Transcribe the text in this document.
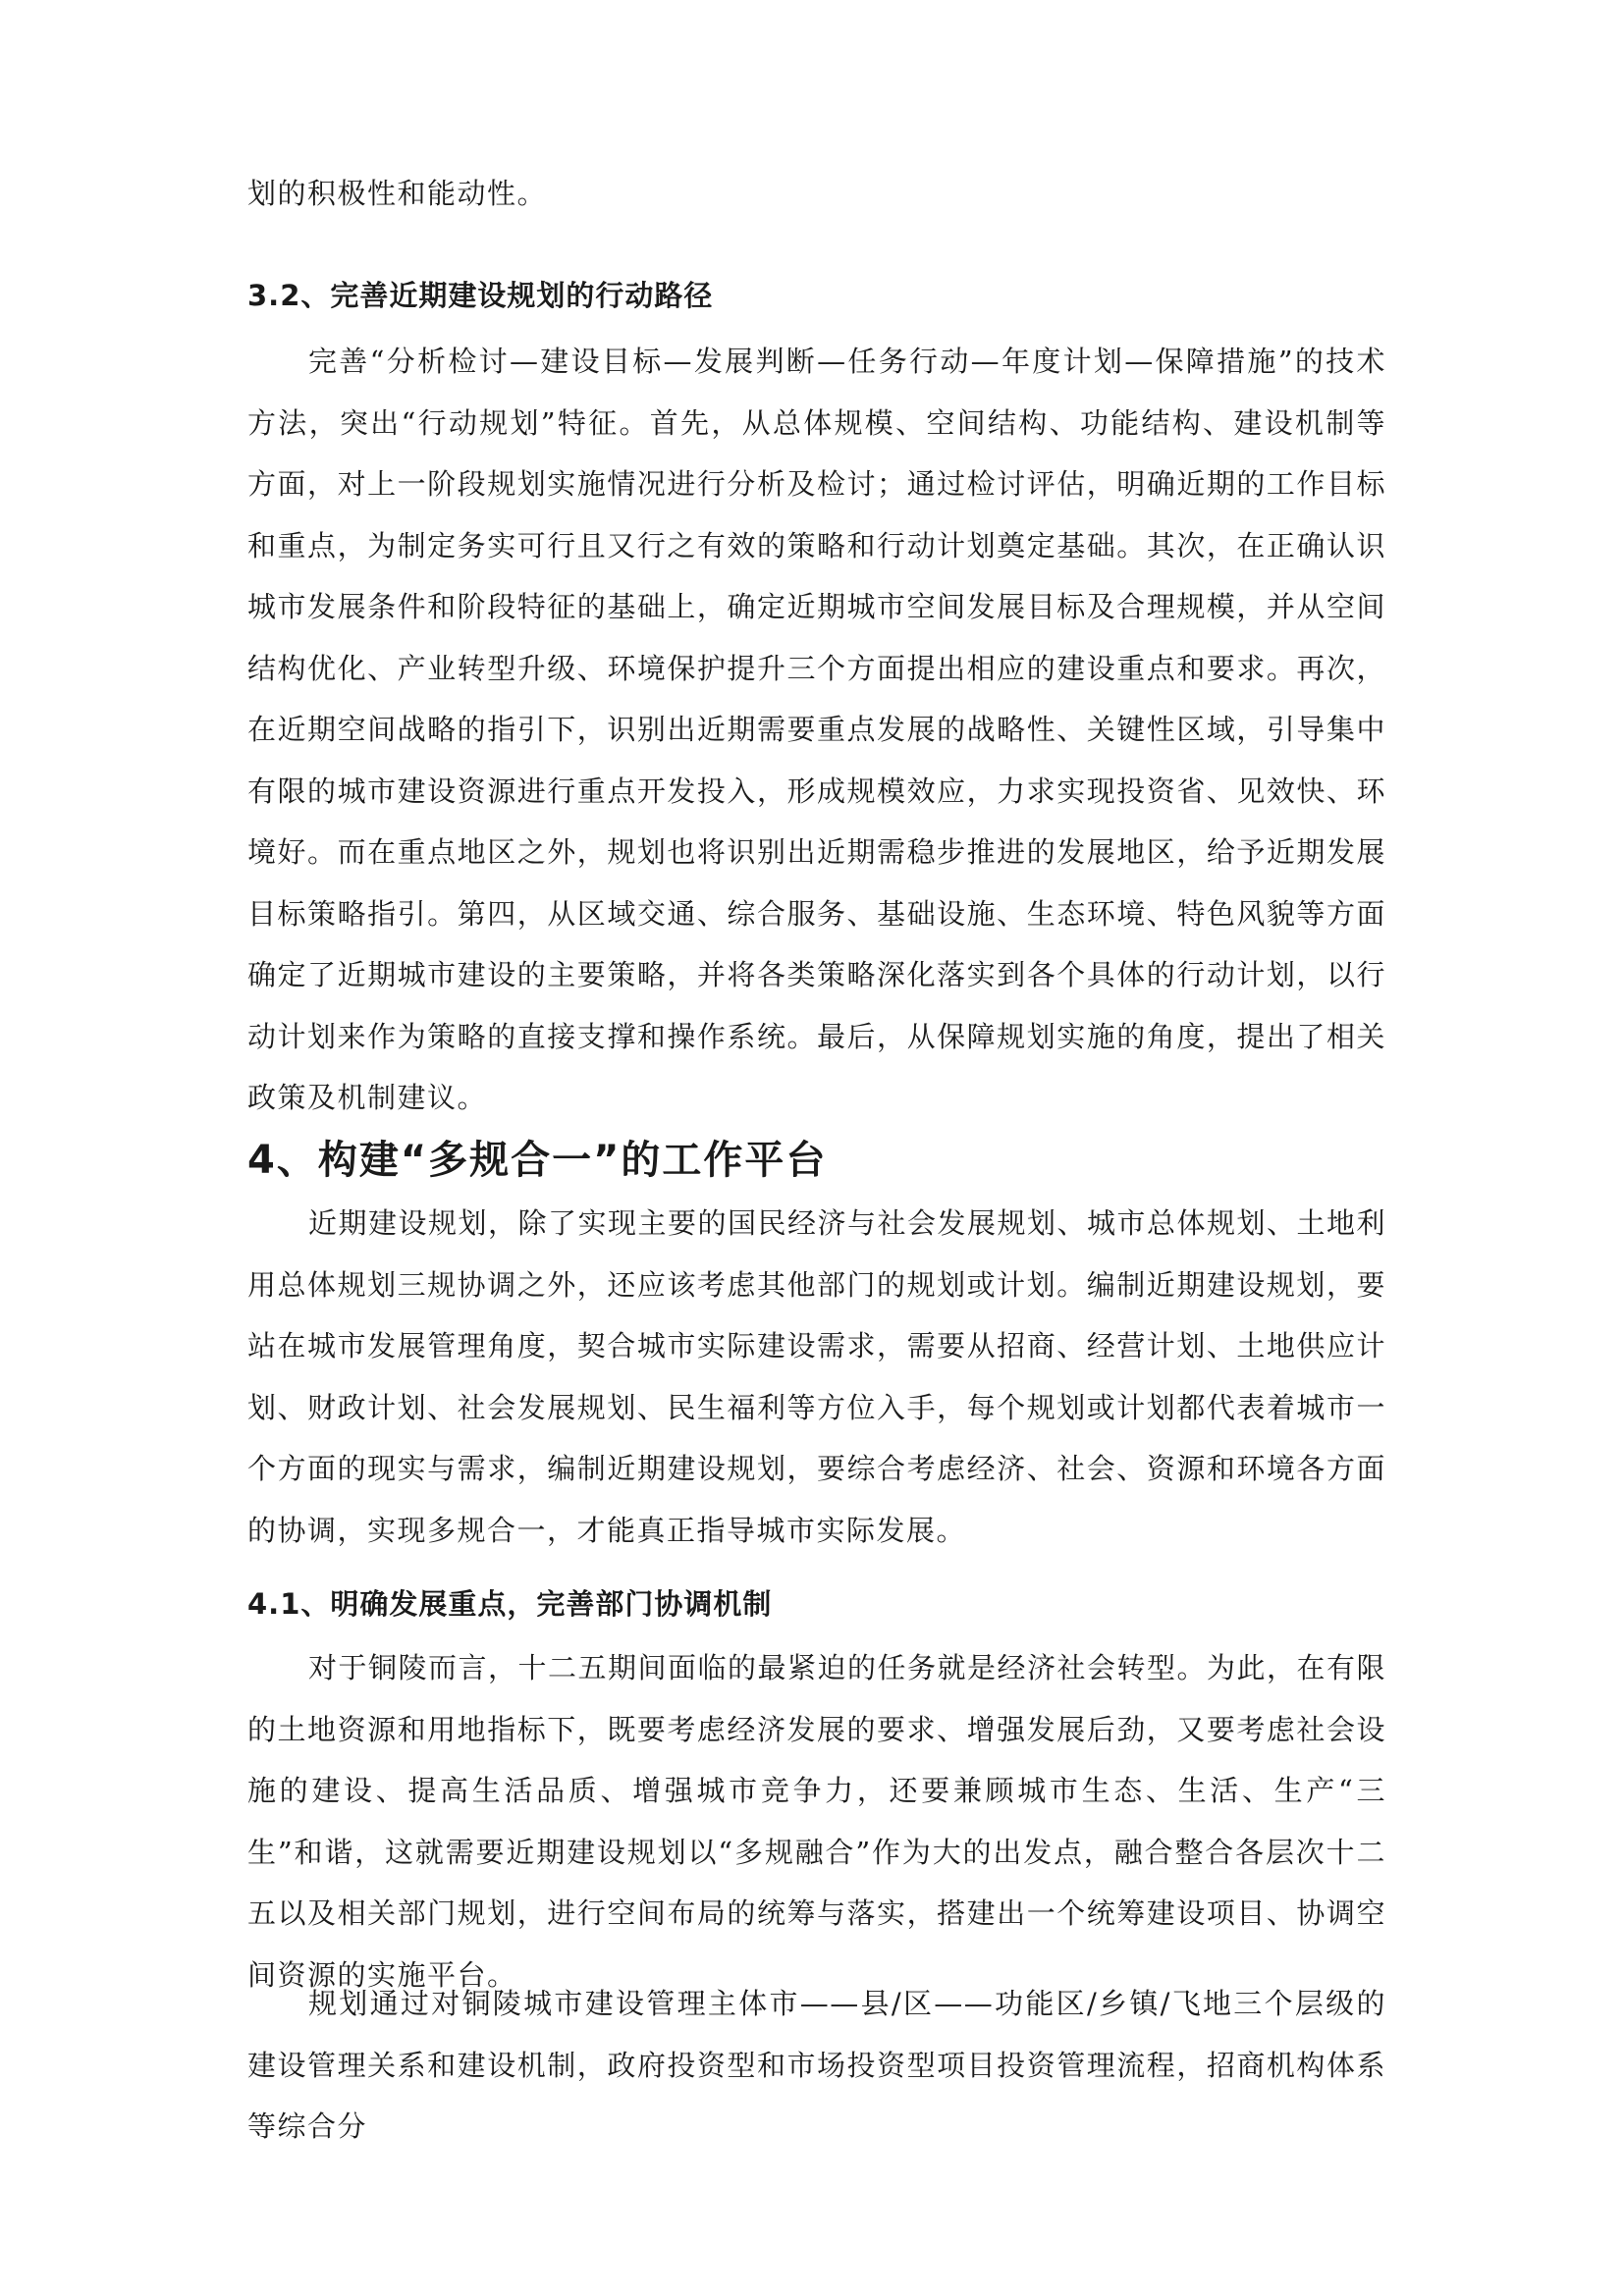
划的积极性和能动性。

3.2、完善近期建设规划的行动路径

完善“分析检讨—建设目标—发展判断—任务行动—年度计划—保障措施”的技术方法，突出“行动规划”特征。首先，从总体规模、空间结构、功能结构、建设机制等方面，对上一阶段规划实施情况进行分析及检讨；通过检讨评估，明确近期的工作目标和重点，为制定务实可行且又行之有效的策略和行动计划奠定基础。其次，在正确认识城市发展条件和阶段特征的基础上，确定近期城市空间发展目标及合理规模，并从空间结构优化、产业转型升级、环境保护提升三个方面提出相应的建设重点和要求。再次，在近期空间战略的指引下，识别出近期需要重点发展的战略性、关键性区域，引导集中有限的城市建设资源进行重点开发投入，形成规模效应，力求实现投资省、见效快、环境好。而在重点地区之外，规划也将识别出近期需稳步推进的发展地区，给予近期发展目标策略指引。第四，从区域交通、综合服务、基础设施、生态环境、特色风貌等方面确定了近期城市建设的主要策略，并将各类策略深化落实到各个具体的行动计划，以行动计划来作为策略的直接支撑和操作系统。最后，从保障规划实施的角度，提出了相关政策及机制建议。

4、构建“多规合一”的工作平台

近期建设规划，除了实现主要的国民经济与社会发展规划、城市总体规划、土地利用总体规划三规协调之外，还应该考虑其他部门的规划或计划。编制近期建设规划，要站在城市发展管理角度，契合城市实际建设需求，需要从招商、经营计划、土地供应计划、财政计划、社会发展规划、民生福利等方位入手，每个规划或计划都代表着城市一个方面的现实与需求，编制近期建设规划，要综合考虑经济、社会、资源和环境各方面的协调，实现多规合一，才能真正指导城市实际发展。

4.1、明确发展重点，完善部门协调机制

对于铜陵而言，十二五期间面临的最紧迫的任务就是经济社会转型。为此，在有限的土地资源和用地指标下，既要考虑经济发展的要求、增强发展后劲，又要考虑社会设施的建设、提高生活品质、增强城市竞争力，还要兼顾城市生态、生活、生产“三生”和谐，这就需要近期建设规划以“多规融合”作为大的出发点，融合整合各层次十二五以及相关部门规划，进行空间布局的统筹与落实，搭建出一个统筹建设项目、协调空间资源的实施平台。

规划通过对铜陵城市建设管理主体市——县/区——功能区/乡镇/飞地三个层级的建设管理关系和建设机制，政府投资型和市场投资型项目投资管理流程，招商机构体系等综合分
